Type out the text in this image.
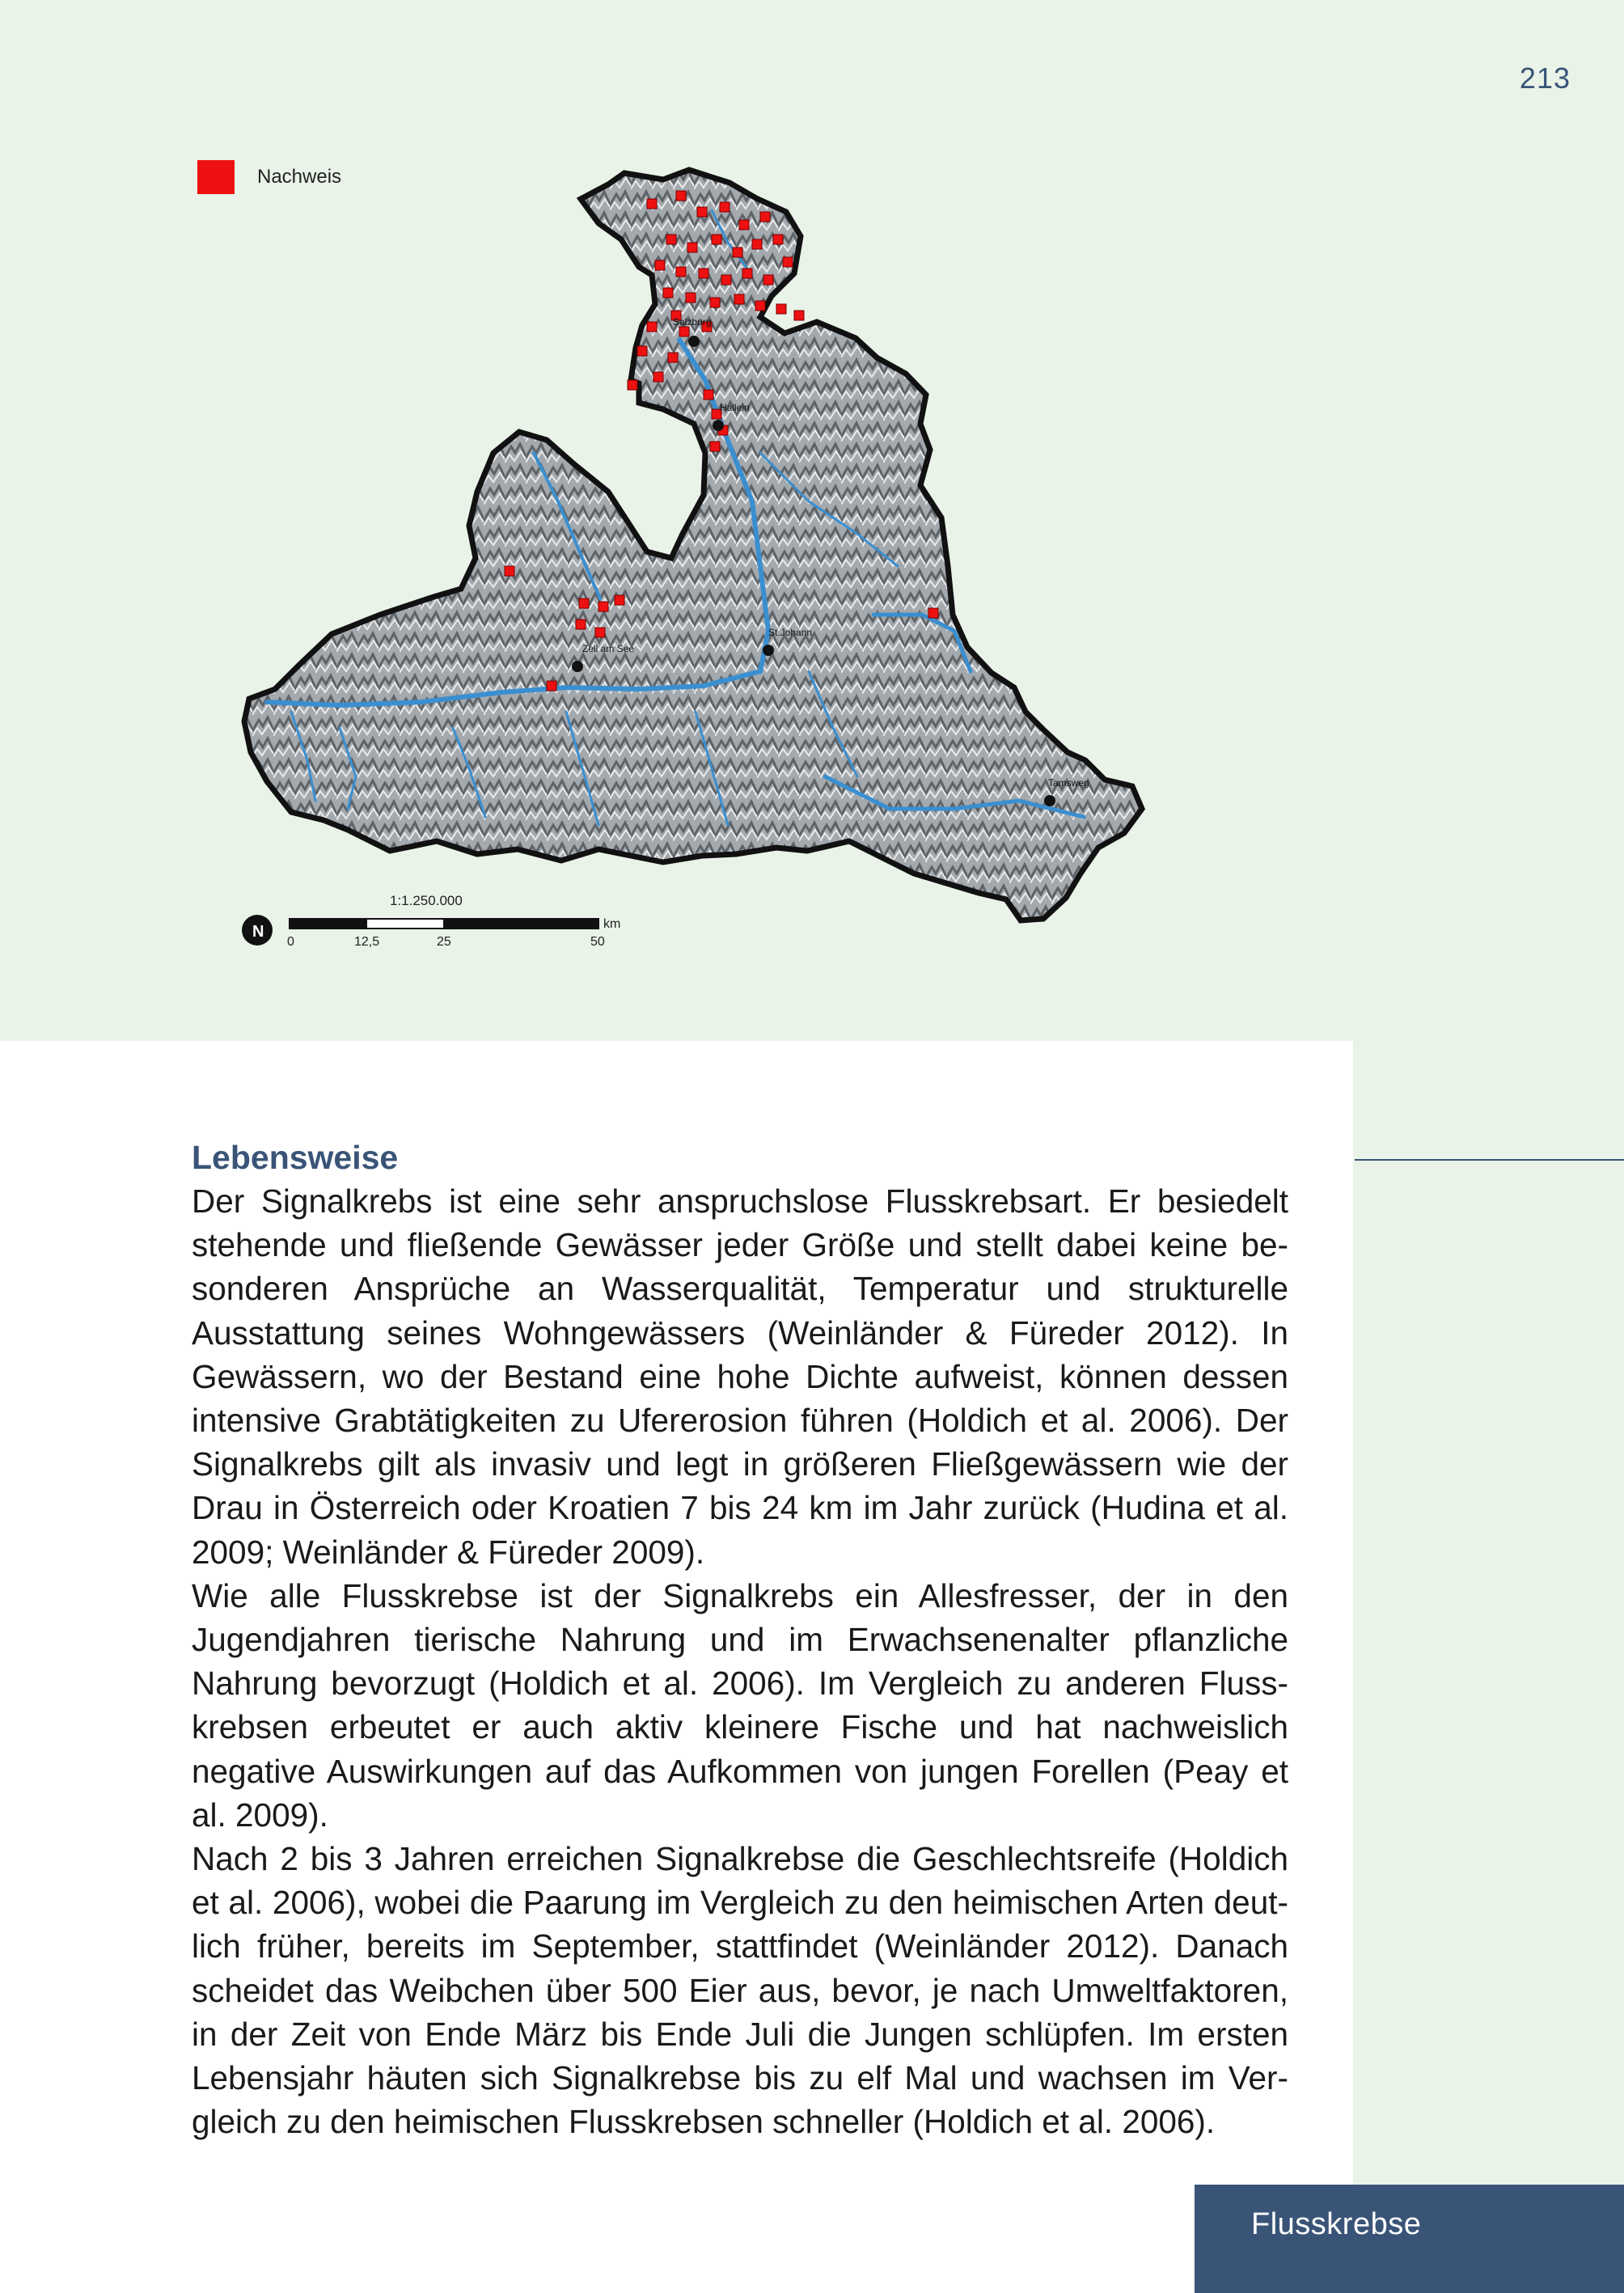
213
Nachweis
Salzburg
Hallein
Zell am See
St.Johann
Tamsweg
N
1:1.250.000
0	12,5	25	50
km
Lebensweise

Der Signalkrebs ist eine sehr anspruchslose Flusskrebsart. Er besiedelt stehende und fließende Gewässer jeder Größe und stellt dabei keine besonderen Ansprüche an Wasserqualität, Temperatur und strukturelle Ausstattung seines Wohngewässers (Weinländer & Füreder 2012). In Gewässern, wo der Bestand eine hohe Dichte aufweist, können dessen intensive Grabtätigkeiten zu Ufererosion führen (Holdich et al. 2006). Der Signalkrebs gilt als invasiv und legt in größeren Fließgewässern wie der Drau in Österreich oder Kroatien 7 bis 24 km im Jahr zurück (Hudina et al. 2009; Weinländer & Füreder 2009).

Wie alle Flusskrebse ist der Signalkrebs ein Allesfresser, der in den Jugendjahren tierische Nahrung und im Erwachsenenalter pflanzliche Nahrung bevorzugt (Holdich et al. 2006). Im Vergleich zu anderen Flusskrebsen erbeutet er auch aktiv kleinere Fische und hat nachweislich negative Auswirkungen auf das Aufkommen von jungen Forellen (Peay et al. 2009).

Nach 2 bis 3 Jahren erreichen Signalkrebse die Geschlechtsreife (Holdich et al. 2006), wobei die Paarung im Vergleich zu den heimischen Arten deutlich früher, bereits im September, stattfindet (Weinländer 2012). Danach scheidet das Weibchen über 500 Eier aus, bevor, je nach Umweltfaktoren, in der Zeit von Ende März bis Ende Juli die Jungen schlüpfen. Im ersten Lebensjahr häuten sich Signalkrebse bis zu elf Mal und wachsen im Vergleich zu den heimischen Flusskrebsen schneller (Holdich et al. 2006).

Flusskrebse
